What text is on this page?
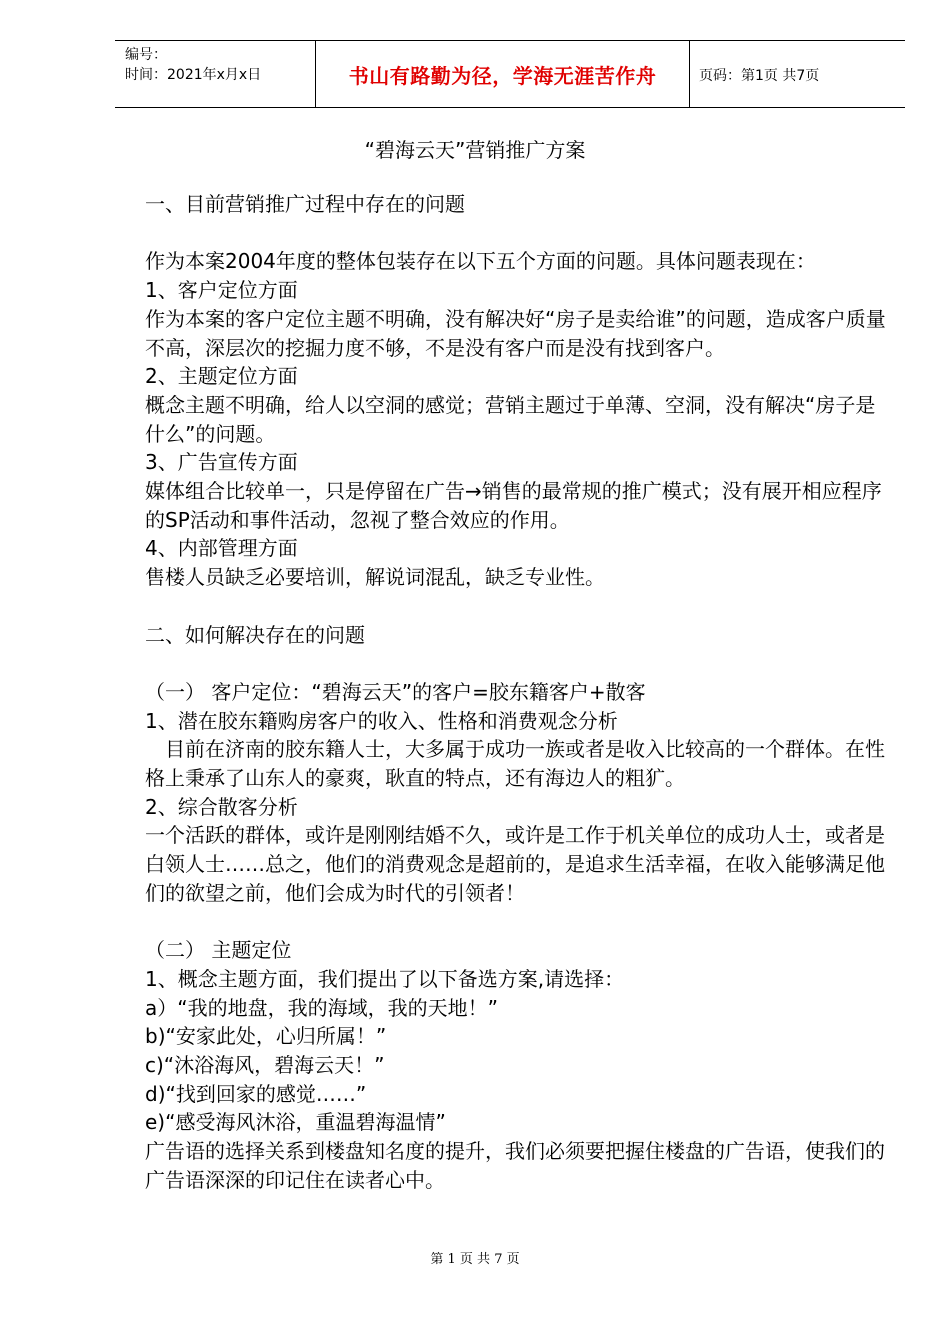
编号：
时间：2021年x月x日	书山有路勤为径，学海无涯苦作舟	页码：第1页 共7页
“碧海云天”营销推广方案

一、目前营销推广过程中存在的问题

作为本案2004年度的整体包装存在以下五个方面的问题。具体问题表现在：

1、客户定位方面

作为本案的客户定位主题不明确，没有解决好“房子是卖给谁”的问题，造成客户质量不高，深层次的挖掘力度不够，不是没有客户而是没有找到客户。

2、主题定位方面

概念主题不明确，给人以空洞的感觉；营销主题过于单薄、空洞，没有解决“房子是什么”的问题。

3、广告宣传方面

媒体组合比较单一，只是停留在广告→销售的最常规的推广模式；没有展开相应程序的SP活动和事件活动，忽视了整合效应的作用。

4、内部管理方面

售楼人员缺乏必要培训，解说词混乱，缺乏专业性。

二、如何解决存在的问题

（一） 客户定位：“碧海云天”的客户=胶东籍客户+散客

1、潜在胶东籍购房客户的收入、性格和消费观念分析

目前在济南的胶东籍人士，大多属于成功一族或者是收入比较高的一个群体。在性格上秉承了山东人的豪爽，耿直的特点，还有海边人的粗犷。

2、综合散客分析

一个活跃的群体，或许是刚刚结婚不久，或许是工作于机关单位的成功人士，或者是白领人士……总之，他们的消费观念是超前的，是追求生活幸福，在收入能够满足他们的欲望之前，他们会成为时代的引领者！

（二） 主题定位

1、概念主题方面，我们提出了以下备选方案,请选择：

a）“我的地盘，我的海域，我的天地！”

b)“安家此处，心归所属！”

c)“沐浴海风，碧海云天！”

d)“找到回家的感觉……”

e)“感受海风沐浴，重温碧海温情”

广告语的选择关系到楼盘知名度的提升，我们必须要把握住楼盘的广告语，使我们的广告语深深的印记住在读者心中。

第 1 页 共 7 页
